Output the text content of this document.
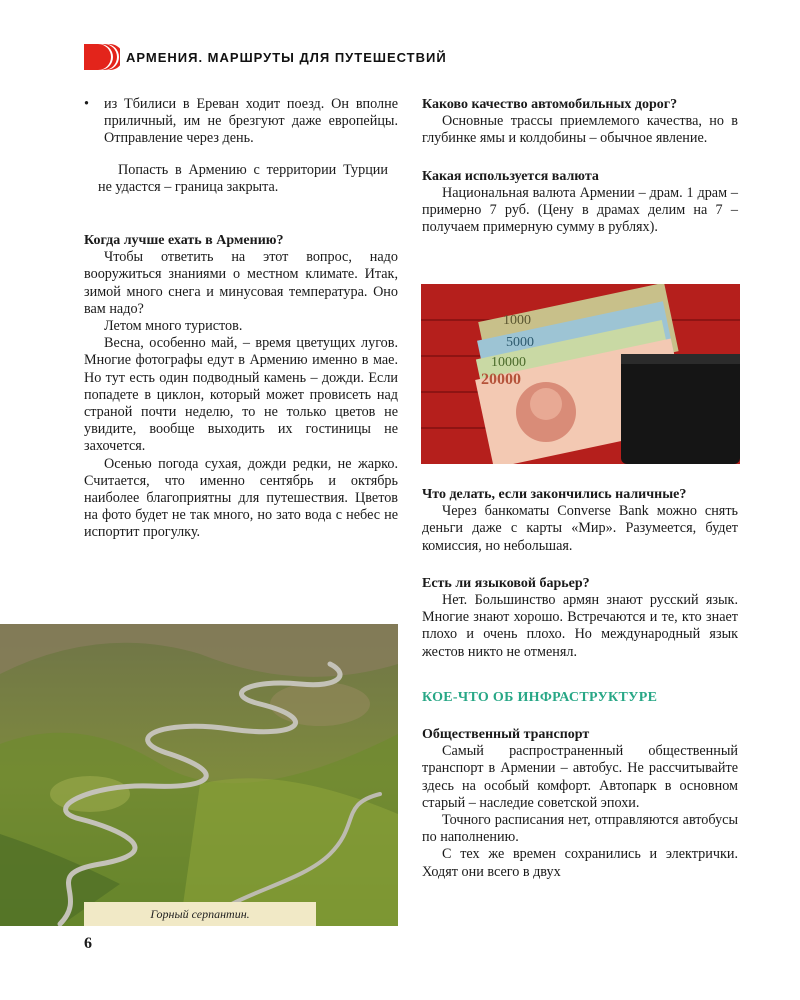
АРМЕНИЯ. МАРШРУТЫ ДЛЯ ПУТЕШЕСТВИЙ
•	из Тбилиси в Ереван ходит поезд. Он вполне приличный, им не брезгуют даже европейцы. Отправление через день.

Попасть в Армению с территории Турции не удастся – граница закрыта.

Когда лучше ехать в Армению?

Чтобы ответить на этот вопрос, надо вооружиться знаниями о местном климате. Итак, зимой много снега и минусовая температура. Оно вам надо?

Летом много туристов.

Весна, особенно май, – время цветущих лугов. Многие фотографы едут в Армению именно в мае. Но тут есть один подводный камень – дожди. Если попадете в циклон, который может провисеть над страной почти неделю, то не только цветов не увидите, вообще выходить их гостиницы не захочется.

Осенью погода сухая, дожди редки, не жарко. Считается, что именно сентябрь и октябрь наиболее благоприятны для путешествия. Цветов на фото будет не так много, но зато вода с небес не испортит прогулку.

Горный серпантин.
6
Каково качество автомобильных дорог?

Основные трассы приемлемого качества, но в глубинке ямы и колдобины – обычное явление.

Какая используется валюта

Национальная валюта Армении – драм. 1 драм – примерно 7 руб. (Цену в драмах делим на 7 – получаем примерную сумму в рублях).

1000
5000
10000
20000
Что делать, если закончились наличные?

Через банкоматы Converse Bank можно снять деньги даже с карты «Мир». Разумеется, будет комиссия, но небольшая.

Есть ли языковой барьер?

Нет. Большинство армян знают русский язык. Многие знают хорошо. Встречаются и те, кто знает плохо и очень плохо. Но международный язык жестов никто не отменял.

КОЕ-ЧТО ОБ ИНФРАСТРУКТУРЕ
Общественный транспорт

Самый распространенный общественный транспорт в Армении – автобус. Не рассчитывайте здесь на особый комфорт. Автопарк в основном старый – наследие советской эпохи.

Точного расписания нет, отправляются автобусы по наполнению.

С тех же времен сохранились и электрички. Ходят они всего в двух
